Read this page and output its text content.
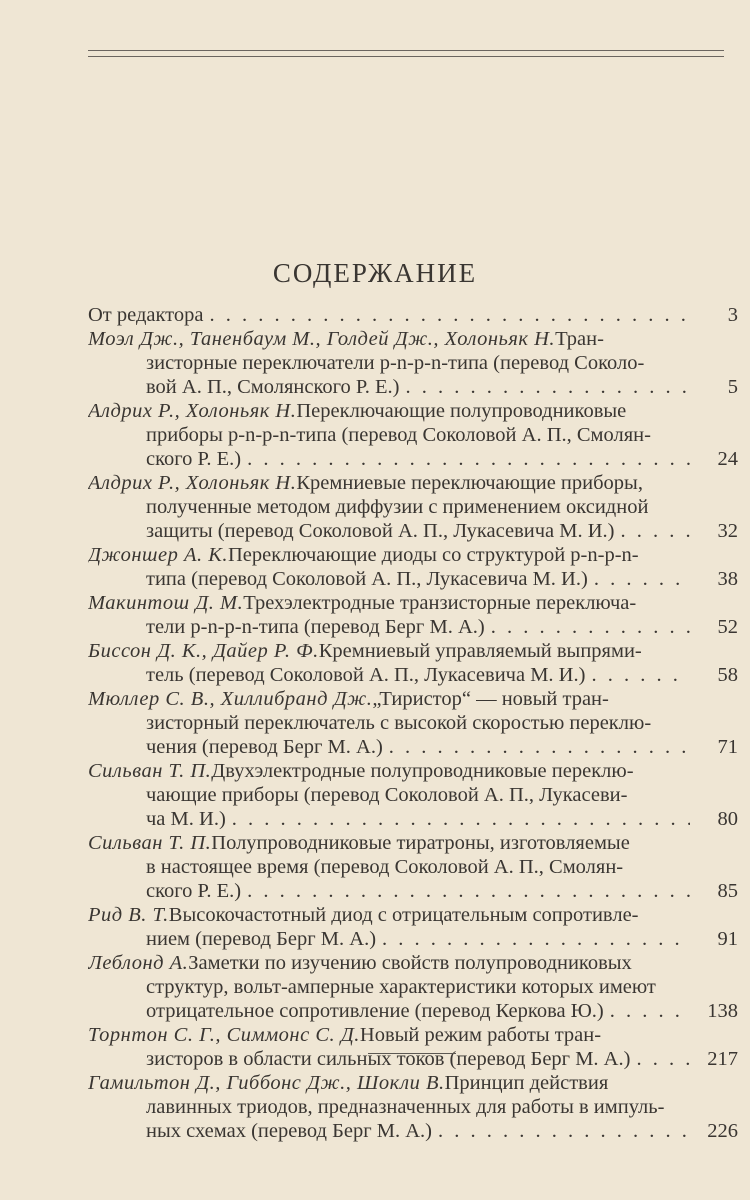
СОДЕРЖАНИЕ
От редактора . . .	3
Моэл Дж., Таненбаум М., Голдей Дж., Холоньяк Н. Тран-
зисторные переключатели p-n-p-n-типа (перевод Соколо-
вой А. П., Смолянского Р. Е.) . . .	5
Алдрих Р., Холоньяк Н. Переключающие полупроводниковые
приборы p-n-p-n-типа (перевод Соколовой А. П., Смолян-
ского Р. Е.) . . .	24
Алдрих Р., Холоньяк Н. Кремниевые переключающие приборы,
полученные методом диффузии с применением оксидной
защиты (перевод Соколовой А. П., Лукасевича М. И.) . . .	32
Джоншер А. К. Переключающие диоды со структурой p-n-p-n-
типа (перевод Соколовой А. П., Лукасевича М. И.) . . .	38
Макинтош Д. М. Трехэлектродные транзисторные переключа-
тели p-n-p-n-типа (перевод Берг М. А.) . . .	52
Биссон Д. К., Дайер Р. Ф. Кремниевый управляемый выпрями-
тель (перевод Соколовой А. П., Лукасевича М. И.) . . .	58
Мюллер С. В., Хиллибранд Дж. „Тиристор“ — новый тран-
зисторный переключатель с высокой скоростью переклю-
чения (перевод Берг М. А.) . . .	71
Сильван Т. П. Двухэлектродные полупроводниковые переклю-
чающие приборы (перевод Соколовой А. П., Лукасеви-
ча М. И.) . . .	80
Сильван Т. П. Полупроводниковые тиратроны, изготовляемые
в настоящее время (перевод Соколовой А. П., Смолян-
ского Р. Е.) . . .	85
Рид В. Т. Высокочастотный диод с отрицательным сопротивле-
нием (перевод Берг М. А.) . . .	91
Леблонд А. Заметки по изучению свойств полупроводниковых
структур, вольт-амперные характеристики которых имеют
отрицательное сопротивление (перевод Керкова Ю.) . . .	138
Торнтон С. Г., Симмонс С. Д. Новый режим работы тран-
зисторов в области сильных токов (перевод Берг М. А.) . . .	217
Гамильтон Д., Гиббонс Дж., Шокли В. Принцип действия
лавинных триодов, предназначенных для работы в импуль-
ных схемах (перевод Берг М. А.) . . .	226
